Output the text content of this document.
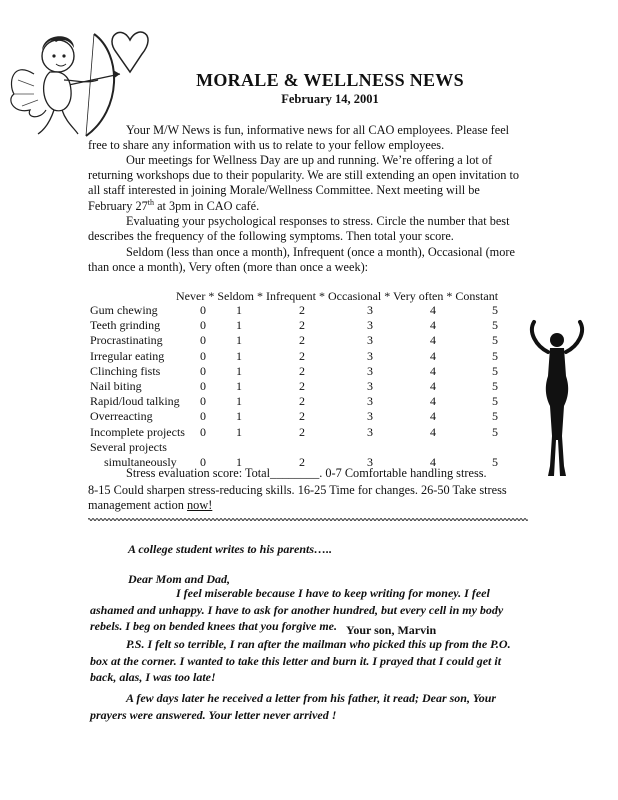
MORALE & WELLNESS NEWS
February 14, 2001
Your M/W News is fun, informative news for all CAO employees. Please feel free to share any information with us to relate to your fellow employees.
Our meetings for Wellness Day are up and running. We’re offering a lot of returning workshops due to their popularity. We are still extending an open invitation to all staff interested in joining Morale/Wellness Committee. Next meeting will be February 27th at 3pm in CAO café.
Evaluating your psychological responses to stress. Circle the number that best describes the frequency of the following symptoms. Then total your score.
Seldom (less than once a month), Infrequent (once a month), Occasional (more than once a month), Very often (more than once a week):
Never * Seldom * Infrequent * Occasional * Very often * Constant
Gum chewing	0	1	2	3	4	5
Teeth grinding	0	1	2	3	4	5
Procrastinating	0	1	2	3	4	5
Irregular eating	0	1	2	3	4	5
Clinching fists	0	1	2	3	4	5
Nail biting	0	1	2	3	4	5
Rapid/loud talking	0	1	2	3	4	5
Overreacting	0	1	2	3	4	5
Incomplete projects	0	1	2	3	4	5
Several projects
simultaneously	0	1	2	3	4	5
Stress evaluation score: Total________. 0-7 Comfortable handling stress.
8-15 Could sharpen stress-reducing skills. 16-25 Time for changes. 26-50 Take stress
management action now!
A college student writes to his parents…..
Dear Mom and Dad,
I feel miserable because I have to keep writing for money. I feel ashamed and unhappy. I have to ask for another hundred, but every cell in my body rebels. I beg on bended knees that you forgive me. Your son, Marvin
P.S. I felt so terrible, I ran after the mailman who picked this up from the P.O. box at the corner. I wanted to take this letter and burn it. I prayed that I could get it back, alas, I was too late!
A few days later he received a letter from his father, it read; Dear son, Your prayers were answered. Your letter never arrived !
